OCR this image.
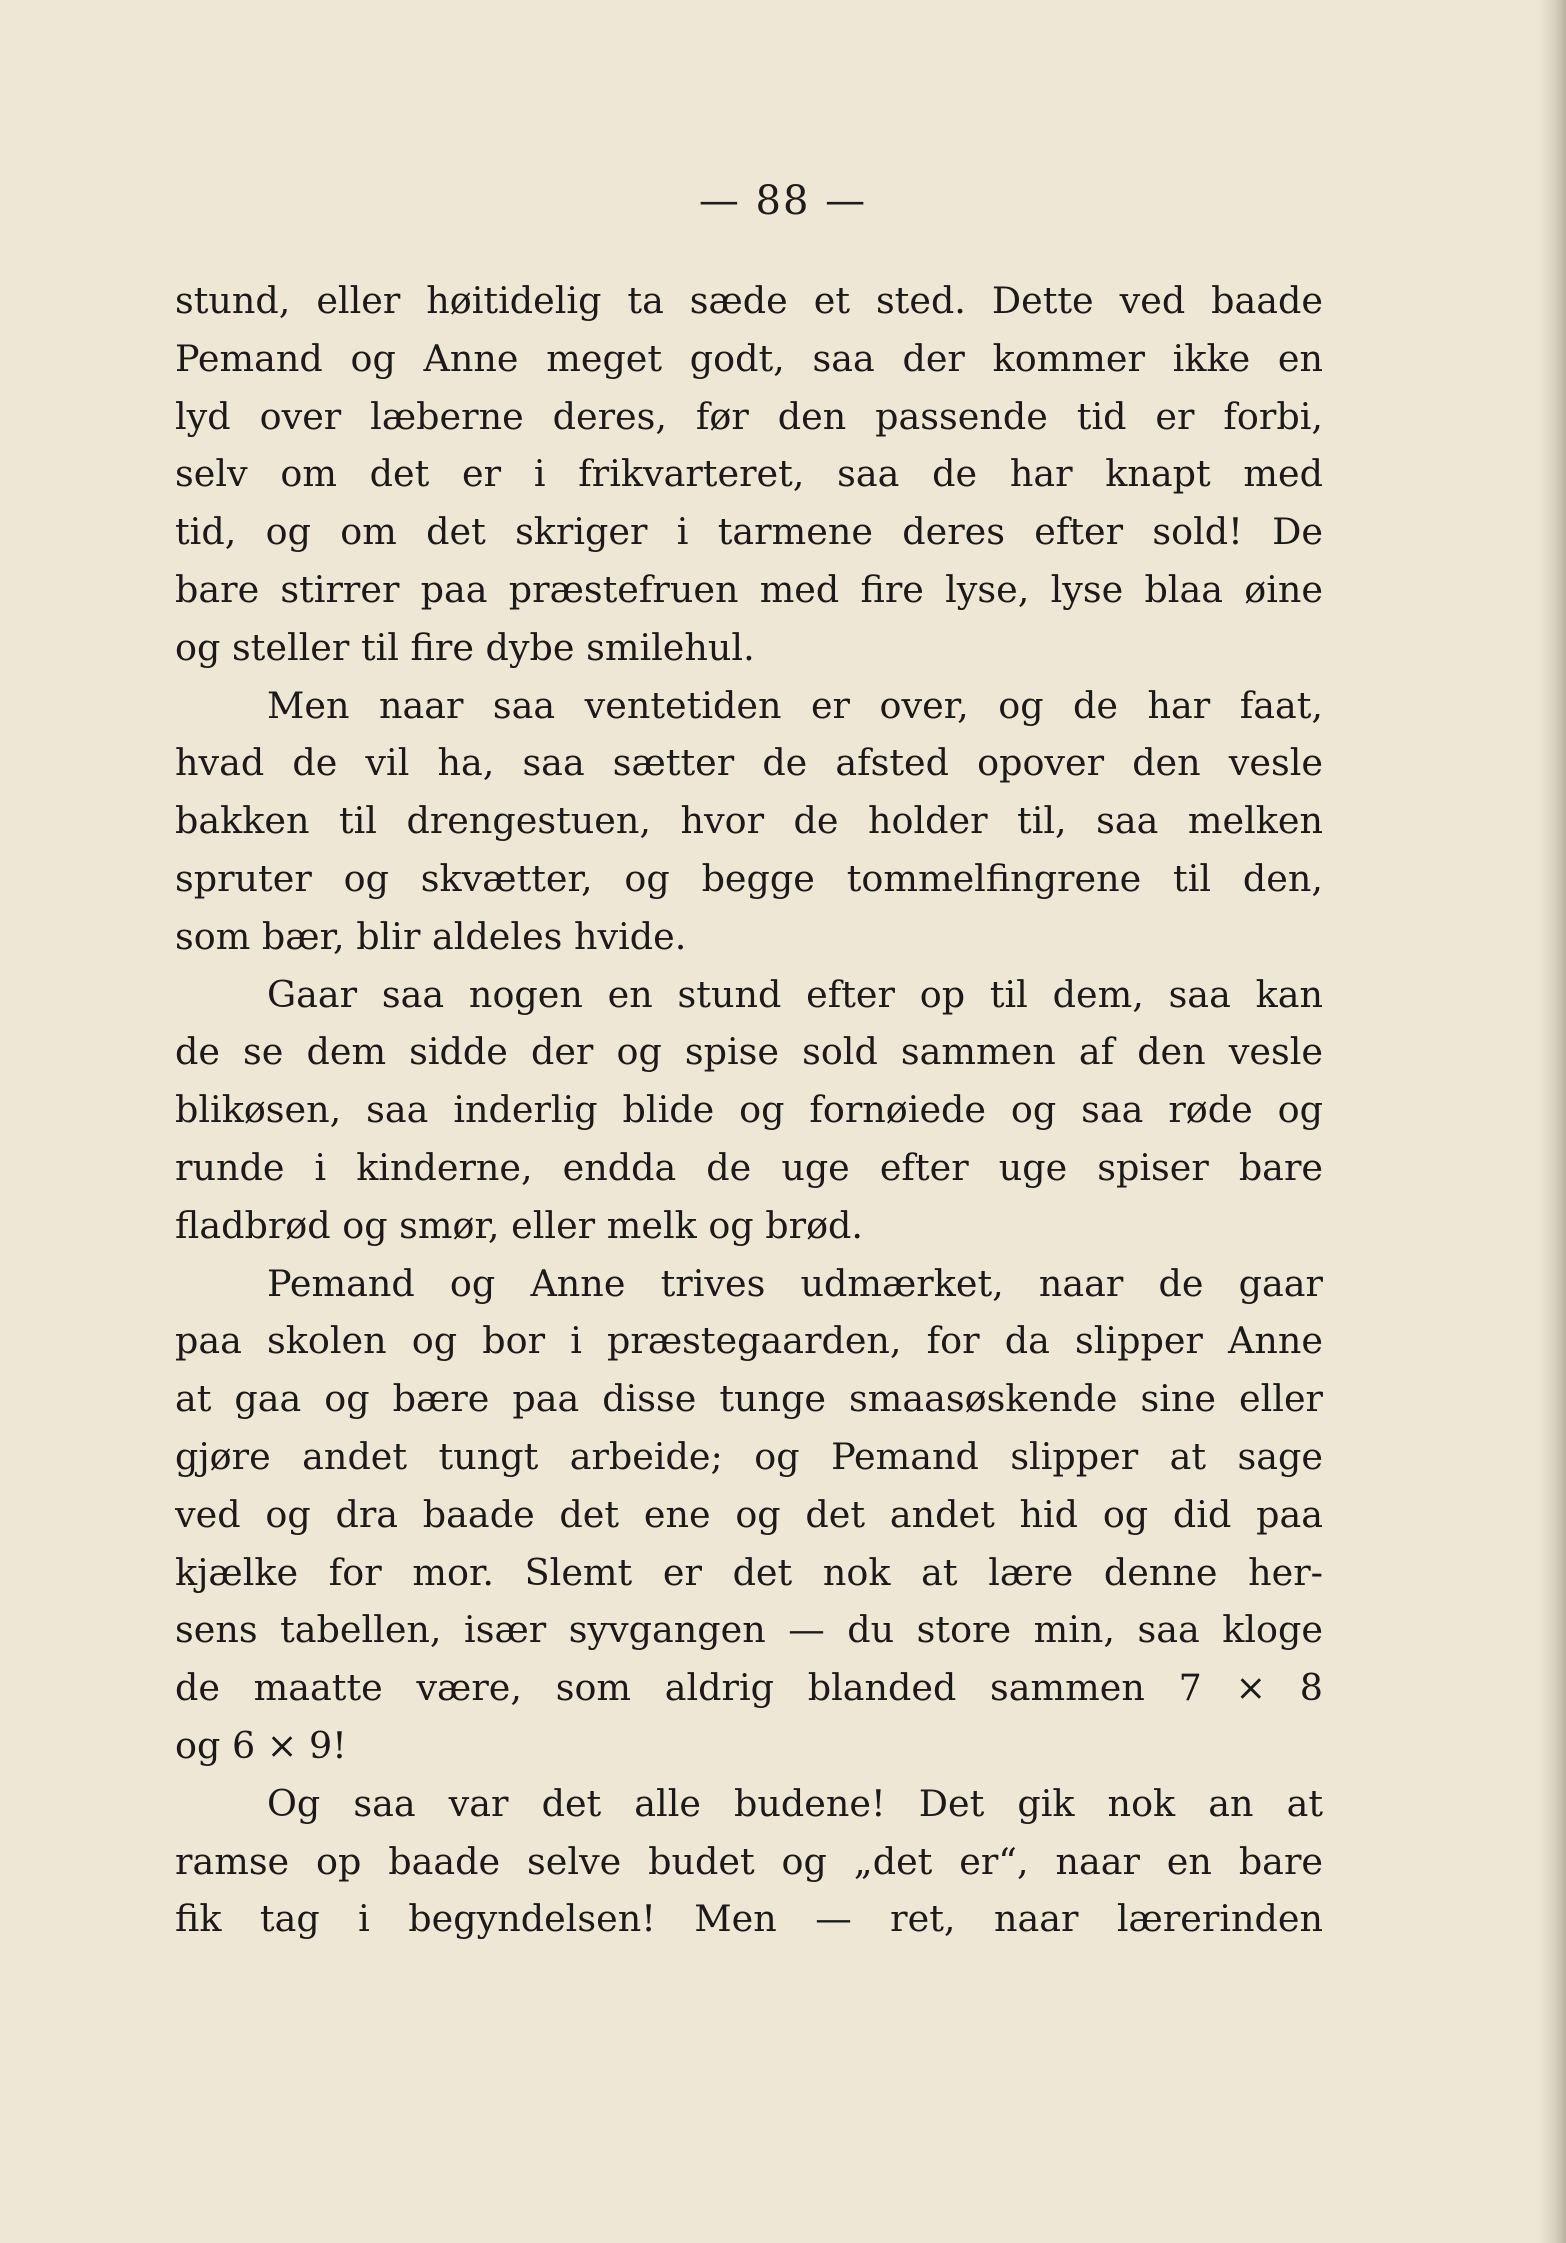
— 88 —
stund, eller høitidelig ta sæde et sted. Dette ved baade
Pemand og Anne meget godt, saa der kommer ikke en
lyd over læberne deres, før den passende tid er forbi,
selv om det er i frikvarteret, saa de har knapt med
tid, og om det skriger i tarmene deres efter sold! De
bare stirrer paa præstefruen med fire lyse, lyse blaa øine
og steller til fire dybe smilehul.
Men naar saa ventetiden er over, og de har faat,
hvad de vil ha, saa sætter de afsted opover den vesle
bakken til drengestuen, hvor de holder til, saa melken
spruter og skvætter, og begge tommelfingrene til den,
som bær, blir aldeles hvide.
Gaar saa nogen en stund efter op til dem, saa kan
de se dem sidde der og spise sold sammen af den vesle
blikøsen, saa inderlig blide og fornøiede og saa røde og
runde i kinderne, endda de uge efter uge spiser bare
fladbrød og smør, eller melk og brød.
Pemand og Anne trives udmærket, naar de gaar
paa skolen og bor i præstegaarden, for da slipper Anne
at gaa og bære paa disse tunge smaasøskende sine eller
gjøre andet tungt arbeide; og Pemand slipper at sage
ved og dra baade det ene og det andet hid og did paa
kjælke for mor. Slemt er det nok at lære denne her-
sens tabellen, især syvgangen — du store min, saa kloge
de maatte være, som aldrig blanded sammen 7 × 8
og 6 × 9!
Og saa var det alle budene! Det gik nok an at
ramse op baade selve budet og „det er“, naar en bare
fik tag i begyndelsen! Men — ret, naar lærerinden
